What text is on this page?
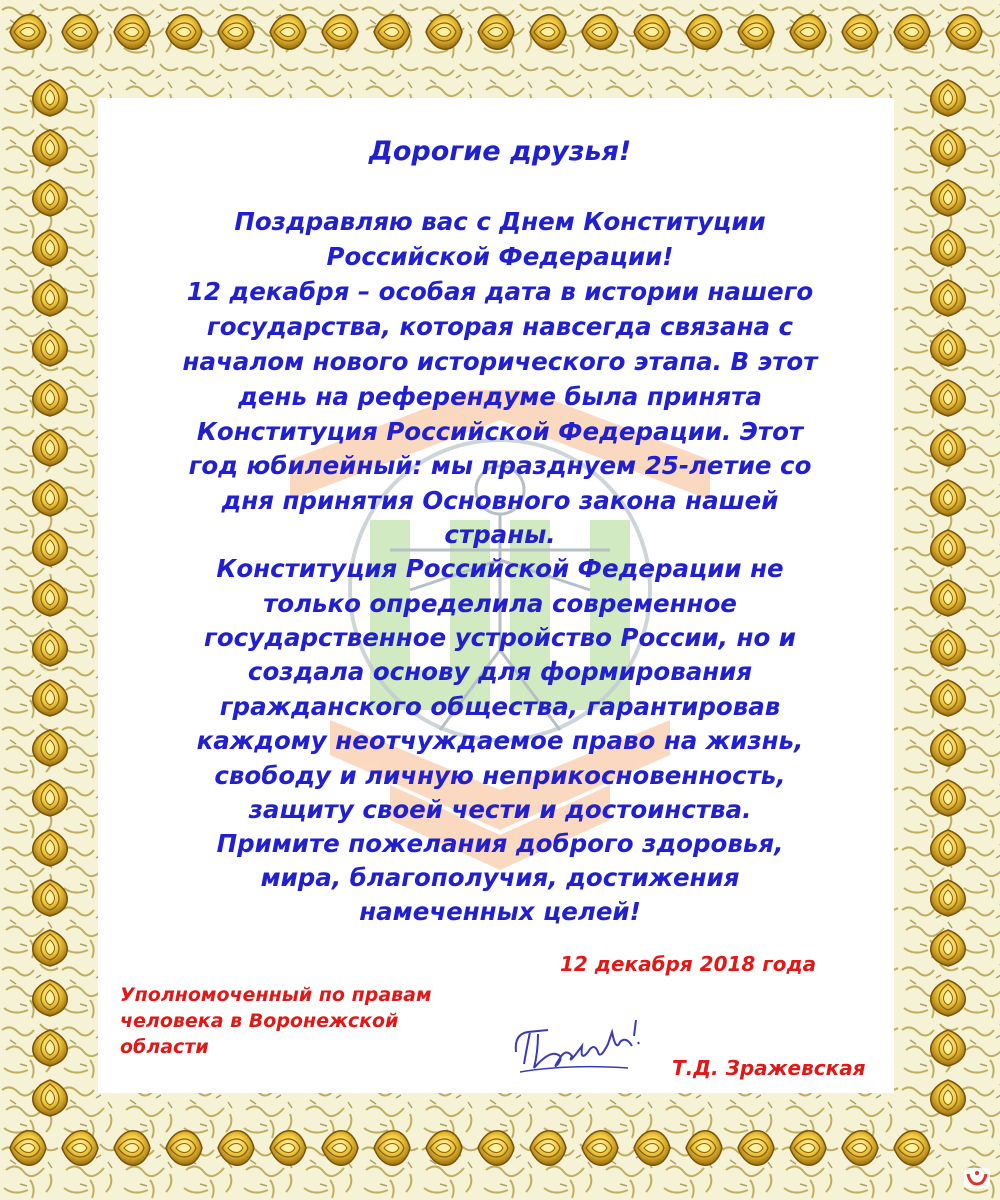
Дорогие друзья!
Поздравляю вас с Днем Конституции
Российской Федерации!
12 декабря – особая дата в истории нашего
государства, которая навсегда связана с
началом нового исторического этапа. В этот
день на референдуме была принята
Конституция Российской Федерации. Этот
год юбилейный: мы празднуем 25-летие со
дня принятия Основного закона нашей
страны.
Конституция Российской Федерации не
только определила современное
государственное устройство России, но и
создала основу для формирования
гражданского общества, гарантировав
каждому неотчуждаемое право на жизнь,
свободу и личную неприкосновенность,
защиту своей чести и достоинства.
Примите пожелания доброго здоровья,
мира, благополучия, достижения
намеченных целей!
12 декабря 2018 года
Уполномоченный по правам
человека в Воронежской
области
Т.Д. Зражевская
